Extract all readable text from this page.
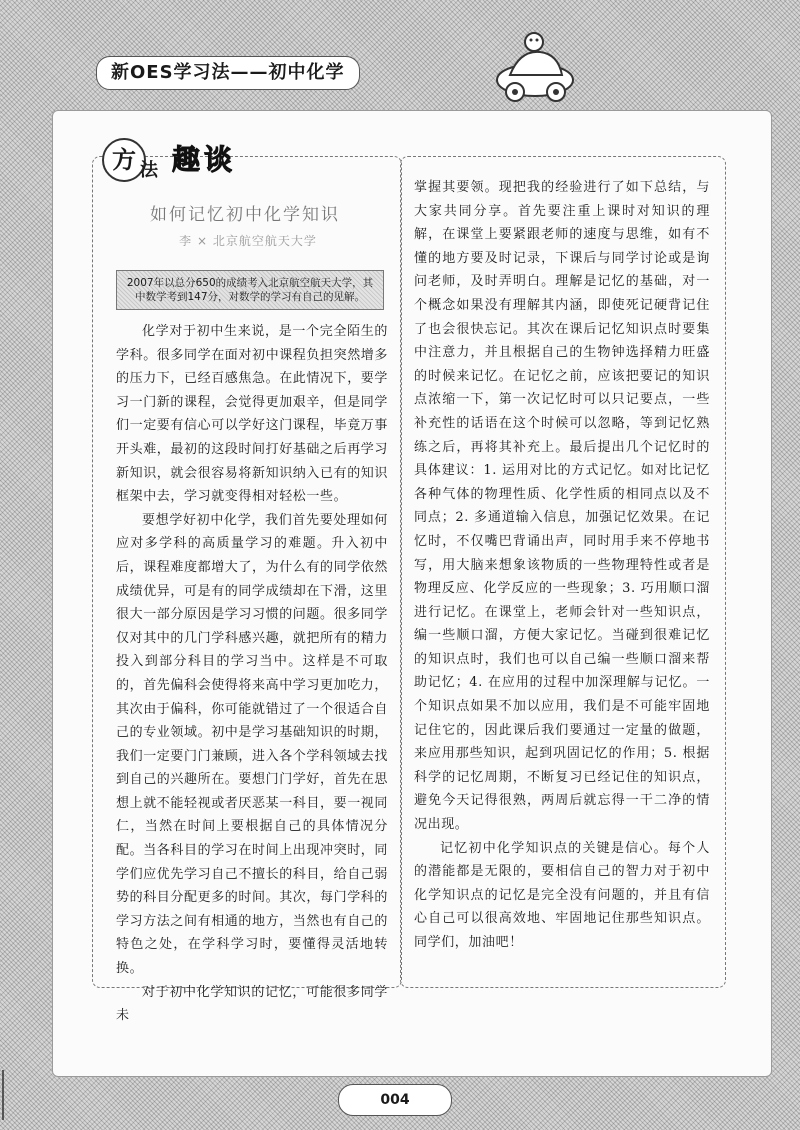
新OES学习法——初中化学
方 法 趣谈
如何记忆初中化学知识
李 × 北京航空航天大学
2007年以总分650的成绩考入北京航空航天大学，其中数学考到147分，对数学的学习有自己的见解。

化学对于初中生来说，是一个完全陌生的学科。很多同学在面对初中课程负担突然增多的压力下，已经百感焦急。在此情况下，要学习一门新的课程，会觉得更加艰辛，但是同学们一定要有信心可以学好这门课程，毕竟万事开头难，最初的这段时间打好基础之后再学习新知识，就会很容易将新知识纳入已有的知识框架中去，学习就变得相对轻松一些。

要想学好初中化学，我们首先要处理如何应对多学科的高质量学习的难题。升入初中后，课程难度都增大了，为什么有的同学依然成绩优异，可是有的同学成绩却在下滑，这里很大一部分原因是学习习惯的问题。很多同学仅对其中的几门学科感兴趣，就把所有的精力投入到部分科目的学习当中。这样是不可取的，首先偏科会使得将来高中学习更加吃力，其次由于偏科，你可能就错过了一个很适合自己的专业领域。初中是学习基础知识的时期，我们一定要门门兼顾，进入各个学科领域去找到自己的兴趣所在。要想门门学好，首先在思想上就不能轻视或者厌恶某一科目，要一视同仁，当然在时间上要根据自己的具体情况分配。当各科目的学习在时间上出现冲突时，同学们应优先学习自己不擅长的科目，给自己弱势的科目分配更多的时间。其次，每门学科的学习方法之间有相通的地方，当然也有自己的特色之处，在学科学习时，要懂得灵活地转换。

对于初中化学知识的记忆，可能很多同学未

掌握其要领。现把我的经验进行了如下总结，与大家共同分享。首先要注重上课时对知识的理解，在课堂上要紧跟老师的速度与思维，如有不懂的地方要及时记录，下课后与同学讨论或是询问老师，及时弄明白。理解是记忆的基础，对一个概念如果没有理解其内涵，即使死记硬背记住了也会很快忘记。其次在课后记忆知识点时要集中注意力，并且根据自己的生物钟选择精力旺盛的时候来记忆。在记忆之前，应该把要记的知识点浓缩一下，第一次记忆时可以只记要点，一些补充性的话语在这个时候可以忽略，等到记忆熟练之后，再将其补充上。最后提出几个记忆时的具体建议：1. 运用对比的方式记忆。如对比记忆各种气体的物理性质、化学性质的相同点以及不同点；2. 多通道输入信息，加强记忆效果。在记忆时，不仅嘴巴背诵出声，同时用手来不停地书写，用大脑来想象该物质的一些物理特性或者是物理反应、化学反应的一些现象；3. 巧用顺口溜进行记忆。在课堂上，老师会针对一些知识点，编一些顺口溜，方便大家记忆。当碰到很难记忆的知识点时，我们也可以自己编一些顺口溜来帮助记忆；4. 在应用的过程中加深理解与记忆。一个知识点如果不加以应用，我们是不可能牢固地记住它的，因此课后我们要通过一定量的做题，来应用那些知识，起到巩固记忆的作用；5. 根据科学的记忆周期，不断复习已经记住的知识点，避免今天记得很熟，两周后就忘得一干二净的情况出现。

记忆初中化学知识点的关键是信心。每个人的潜能都是无限的，要相信自己的智力对于初中化学知识点的记忆是完全没有问题的，并且有信心自己可以很高效地、牢固地记住那些知识点。同学们，加油吧！

004
